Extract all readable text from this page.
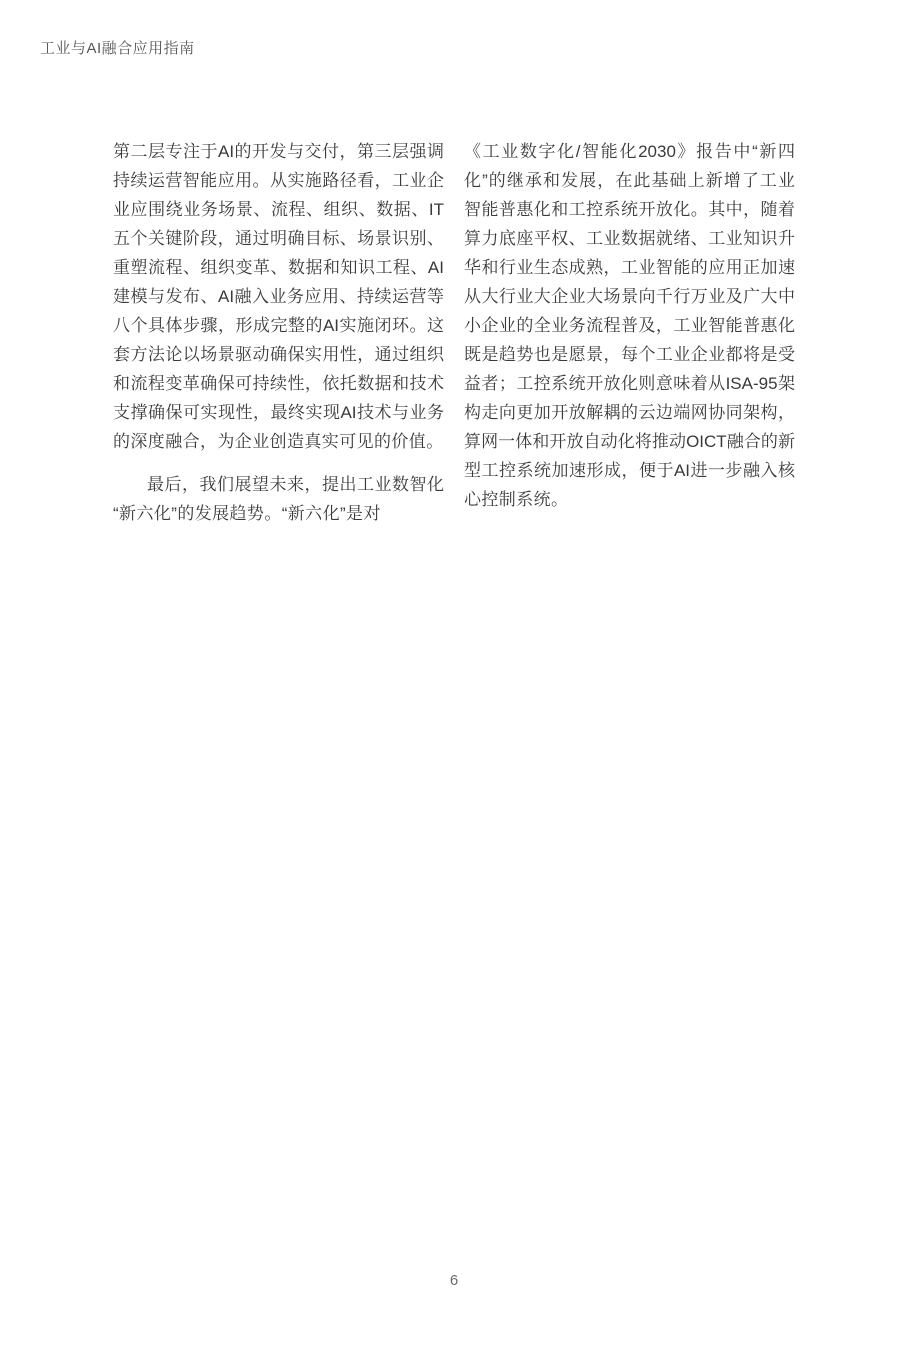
工业与AI融合应用指南
第二层专注于AI的开发与交付，第三层强调
持续运营智能应用。从实施路径看，工业企
业应围绕业务场景、流程、组织、数据、IT
五个关键阶段，通过明确目标、场景识别、
重塑流程、组织变革、数据和知识工程、AI
建模与发布、AI融入业务应用、持续运营等
八个具体步骤，形成完整的AI实施闭环。这
套方法论以场景驱动确保实用性，通过组织
和流程变革确保可持续性，依托数据和技术
支撑确保可实现性，最终实现AI技术与业务
的深度融合，为企业创造真实可见的价值。
最后，我们展望未来，提出工业数智化
“新六化”的发展趋势。“新六化”是对
《工业数字化/智能化2030》报告中“新四
化”的继承和发展，在此基础上新增了工业
智能普惠化和工控系统开放化。其中，随着
算力底座平权、工业数据就绪、工业知识升
华和行业生态成熟，工业智能的应用正加速
从大行业大企业大场景向千行万业及广大中
小企业的全业务流程普及，工业智能普惠化
既是趋势也是愿景，每个工业企业都将是受
益者；工控系统开放化则意味着从ISA-95架
构走向更加开放解耦的云边端网协同架构，
算网一体和开放自动化将推动OICT融合的新
型工控系统加速形成，便于AI进一步融入核
心控制系统。
6
